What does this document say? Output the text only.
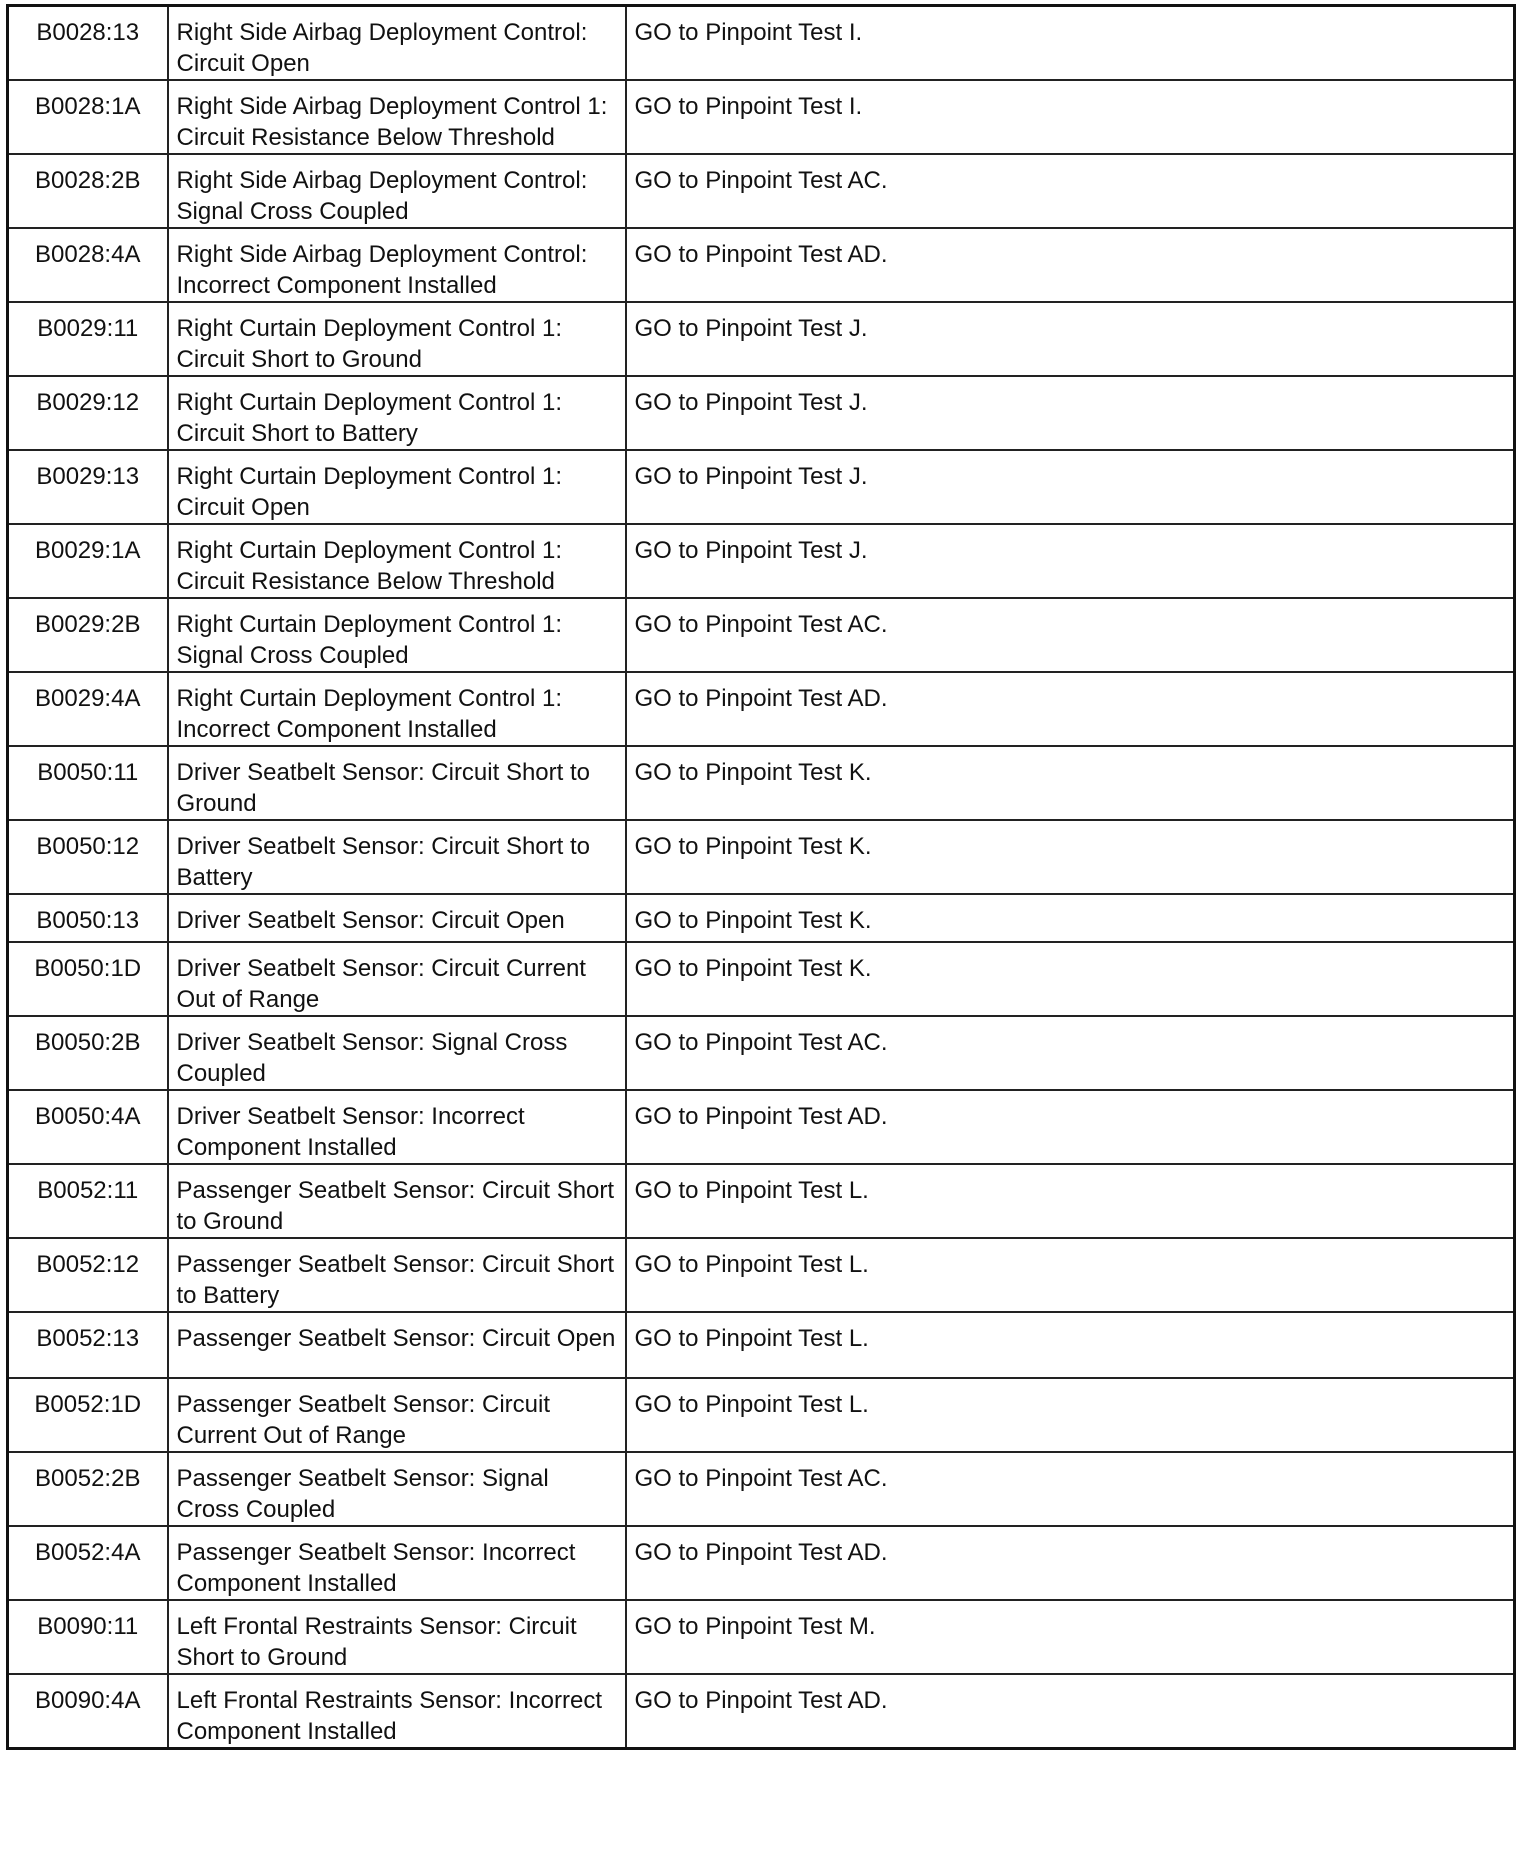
B0028:13	Right Side Airbag Deployment Control: Circuit Open	GO to Pinpoint Test I.
B0028:1A	Right Side Airbag Deployment Control 1: Circuit Resistance Below Threshold	GO to Pinpoint Test I.
B0028:2B	Right Side Airbag Deployment Control: Signal Cross Coupled	GO to Pinpoint Test AC.
B0028:4A	Right Side Airbag Deployment Control: Incorrect Component Installed	GO to Pinpoint Test AD.
B0029:11	Right Curtain Deployment Control 1: Circuit Short to Ground	GO to Pinpoint Test J.
B0029:12	Right Curtain Deployment Control 1: Circuit Short to Battery	GO to Pinpoint Test J.
B0029:13	Right Curtain Deployment Control 1: Circuit Open	GO to Pinpoint Test J.
B0029:1A	Right Curtain Deployment Control 1: Circuit Resistance Below Threshold	GO to Pinpoint Test J.
B0029:2B	Right Curtain Deployment Control 1: Signal Cross Coupled	GO to Pinpoint Test AC.
B0029:4A	Right Curtain Deployment Control 1: Incorrect Component Installed	GO to Pinpoint Test AD.
B0050:11	Driver Seatbelt Sensor: Circuit Short to Ground	GO to Pinpoint Test K.
B0050:12	Driver Seatbelt Sensor: Circuit Short to Battery	GO to Pinpoint Test K.
B0050:13	Driver Seatbelt Sensor: Circuit Open	GO to Pinpoint Test K.
B0050:1D	Driver Seatbelt Sensor: Circuit Current Out of Range	GO to Pinpoint Test K.
B0050:2B	Driver Seatbelt Sensor: Signal Cross Coupled	GO to Pinpoint Test AC.
B0050:4A	Driver Seatbelt Sensor: Incorrect Component Installed	GO to Pinpoint Test AD.
B0052:11	Passenger Seatbelt Sensor: Circuit Short to Ground	GO to Pinpoint Test L.
B0052:12	Passenger Seatbelt Sensor: Circuit Short to Battery	GO to Pinpoint Test L.
B0052:13	Passenger Seatbelt Sensor: Circuit Open	GO to Pinpoint Test L.
B0052:1D	Passenger Seatbelt Sensor: Circuit Current Out of Range	GO to Pinpoint Test L.
B0052:2B	Passenger Seatbelt Sensor: Signal Cross Coupled	GO to Pinpoint Test AC.
B0052:4A	Passenger Seatbelt Sensor: Incorrect Component Installed	GO to Pinpoint Test AD.
B0090:11	Left Frontal Restraints Sensor: Circuit Short to Ground	GO to Pinpoint Test M.
B0090:4A	Left Frontal Restraints Sensor: Incorrect Component Installed	GO to Pinpoint Test AD.
